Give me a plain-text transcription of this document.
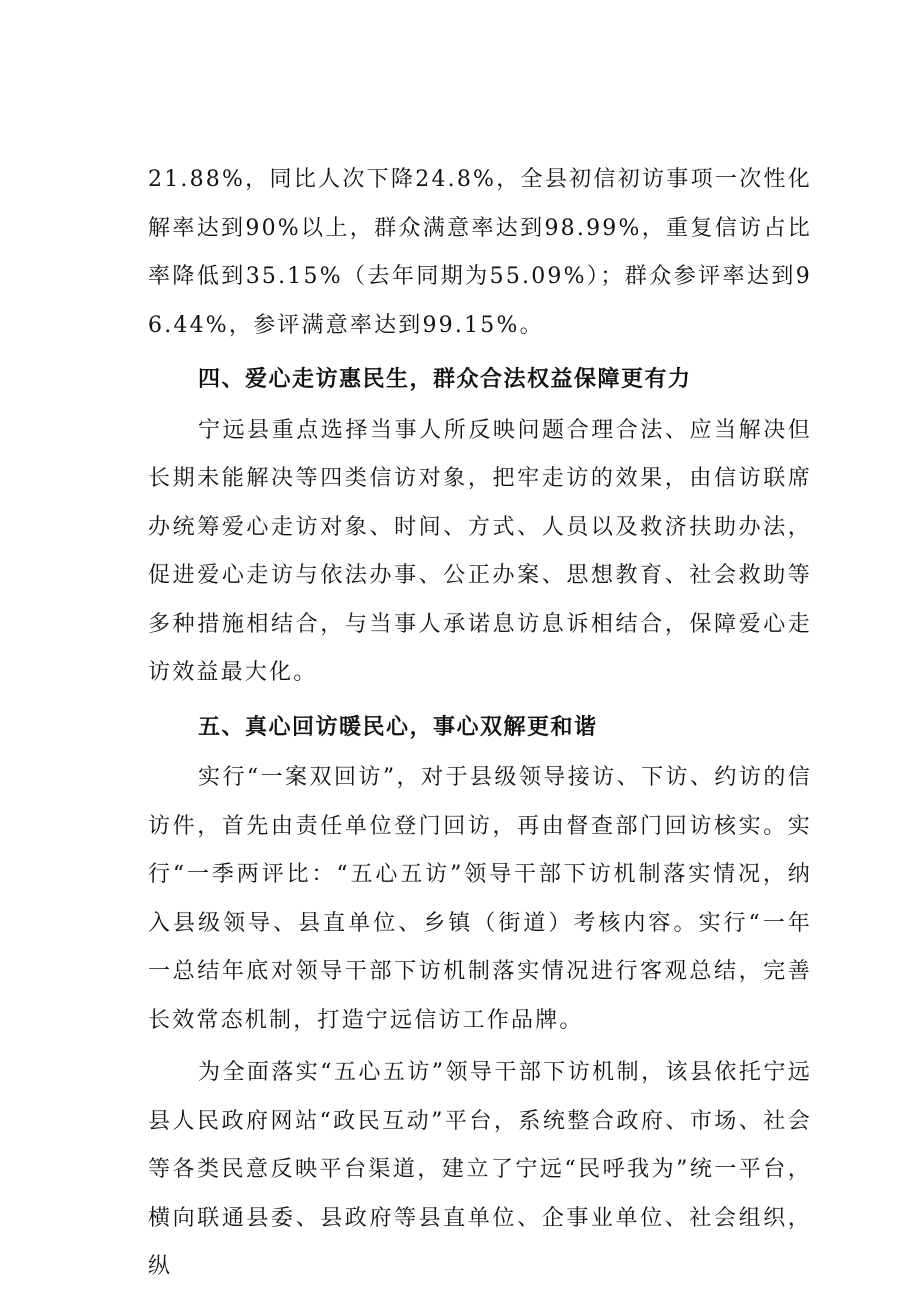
21.88%，同比人次下降24.8%，全县初信初访事项一次性化解率达到90%以上，群众满意率达到98.99%，重复信访占比率降低到35.15%（去年同期为55.09%）；群众参评率达到96.44%，参评满意率达到99.15%。

四、爱心走访惠民生，群众合法权益保障更有力

宁远县重点选择当事人所反映问题合理合法、应当解决但长期未能解决等四类信访对象，把牢走访的效果，由信访联席办统筹爱心走访对象、时间、方式、人员以及救济扶助办法，促进爱心走访与依法办事、公正办案、思想教育、社会救助等多种措施相结合，与当事人承诺息访息诉相结合，保障爱心走访效益最大化。

五、真心回访暖民心，事心双解更和谐

实行“一案双回访”，对于县级领导接访、下访、约访的信访件，首先由责任单位登门回访，再由督查部门回访核实。实行“一季两评比：“五心五访”领导干部下访机制落实情况，纳入县级领导、县直单位、乡镇（街道）考核内容。实行“一年一总结年底对领导干部下访机制落实情况进行客观总结，完善长效常态机制，打造宁远信访工作品牌。

为全面落实“五心五访”领导干部下访机制，该县依托宁远县人民政府网站“政民互动”平台，系统整合政府、市场、社会等各类民意反映平台渠道，建立了宁远“民呼我为”统一平台，横向联通县委、县政府等县直单位、企事业单位、社会组织，纵
